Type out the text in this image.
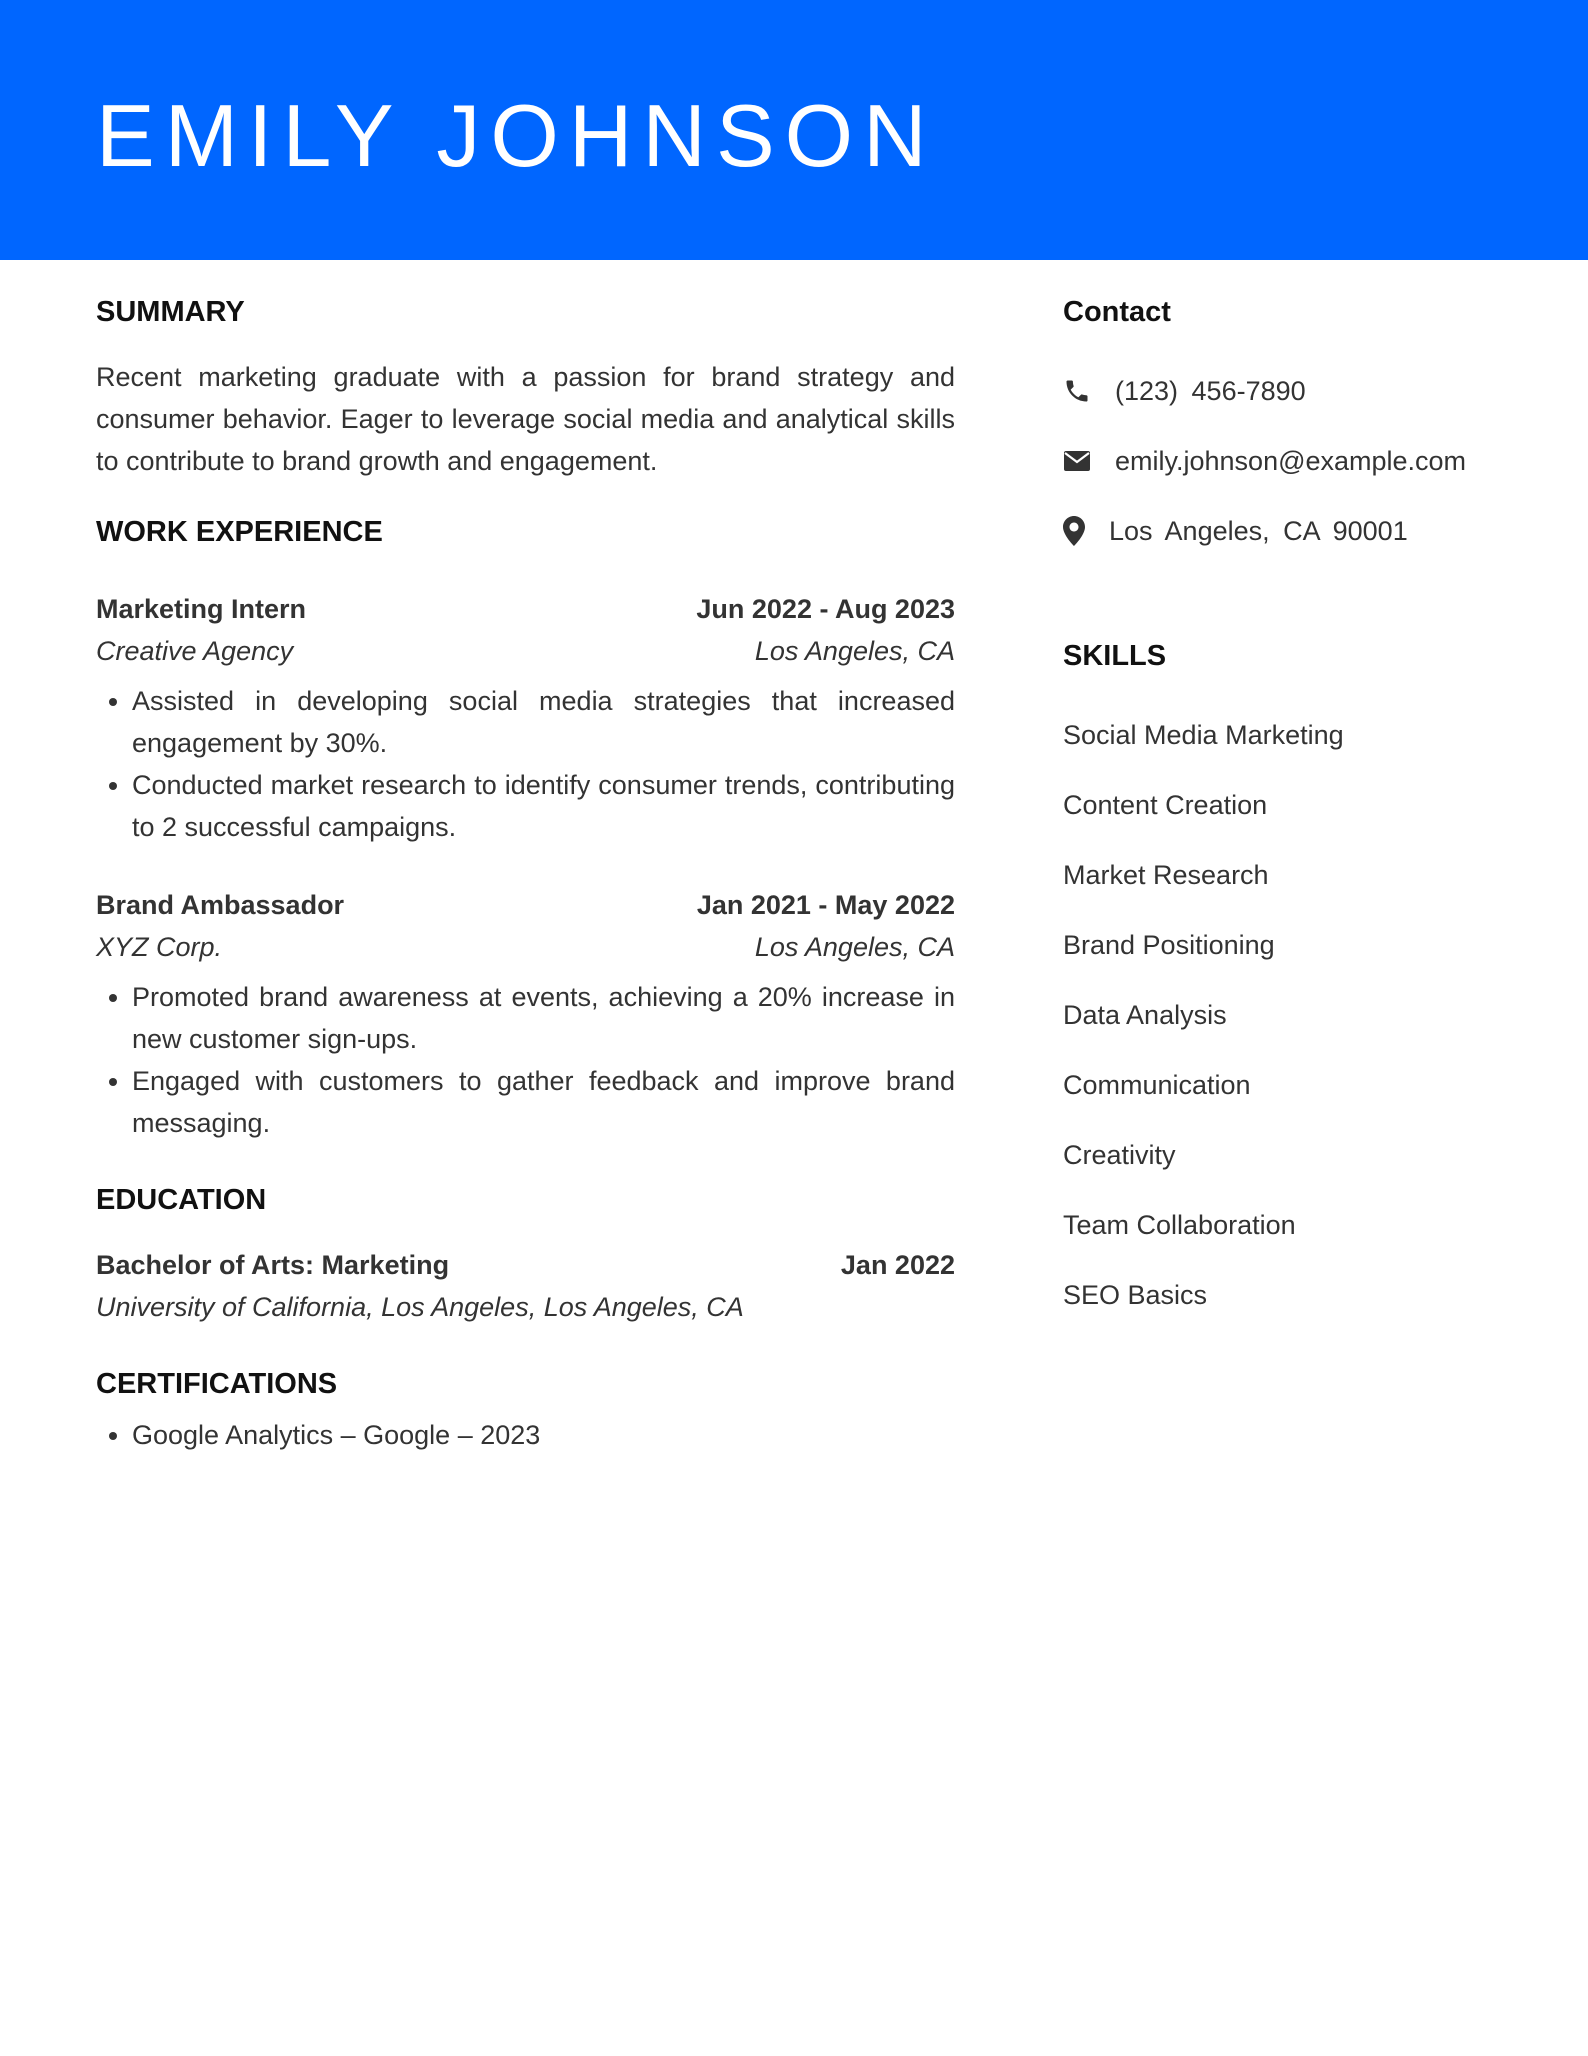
EMILY JOHNSON
SUMMARY

Recent marketing graduate with a passion for brand strategy and consumer behavior. Eager to leverage social media and analytical skills to contribute to brand growth and engagement.

WORK EXPERIENCE
Marketing Intern	Jun 2022 - Aug 2023
Creative Agency	Los Angeles, CA
• Assisted in developing social media strategies that increased engagement by 30%.
• Conducted market research to identify consumer trends, contributing to 2 successful campaigns.
Brand Ambassador	Jan 2021 - May 2022
XYZ Corp.	Los Angeles, CA
• Promoted brand awareness at events, achieving a 20% increase in new customer sign-ups.
• Engaged with customers to gather feedback and improve brand messaging.
EDUCATION
Bachelor of Arts: Marketing	Jan 2022
University of California, Los Angeles, Los Angeles, CA
CERTIFICATIONS
• Google Analytics – Google – 2023
Contact
(123) 456-7890
emily.johnson@example.com
Los Angeles, CA 90001
SKILLS
Social Media Marketing
Content Creation
Market Research
Brand Positioning
Data Analysis
Communication
Creativity
Team Collaboration
SEO Basics
